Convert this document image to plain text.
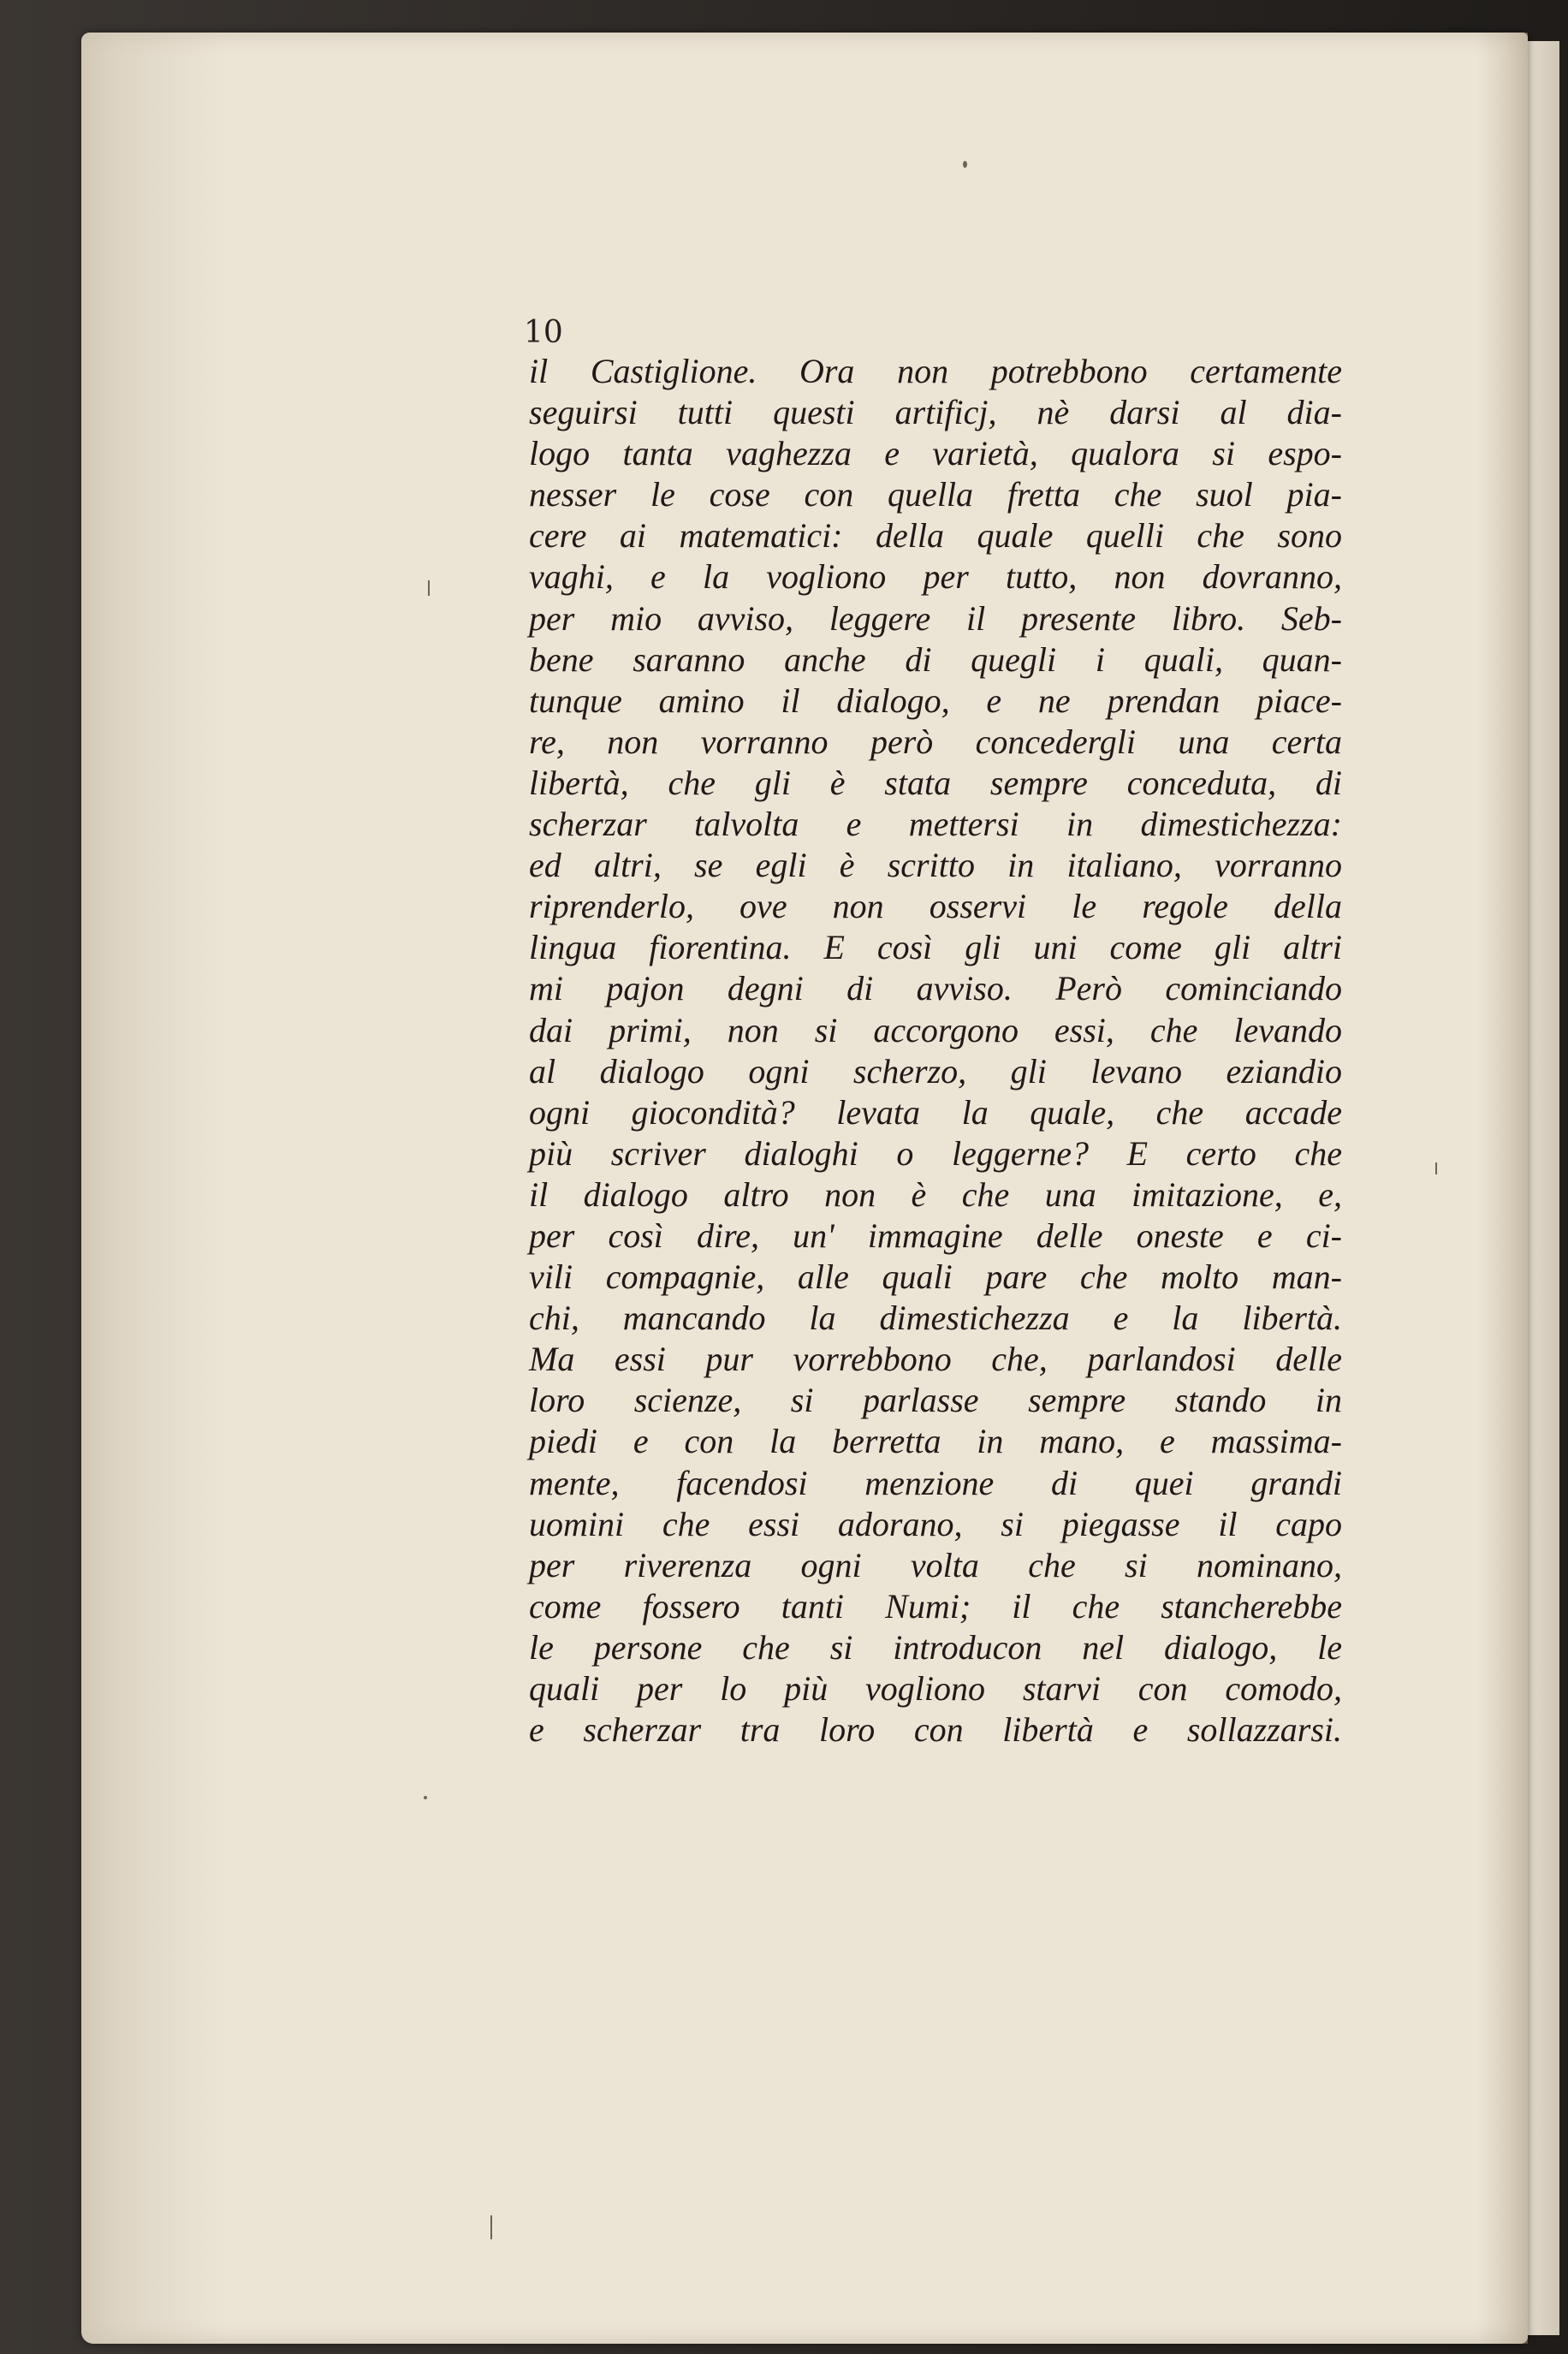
10
il Castiglione. Ora non potrebbono certamente
seguirsi tutti questi artificj, nè darsi al dia-
logo tanta vaghezza e varietà, qualora si espo-
nesser le cose con quella fretta che suol pia-
cere ai matematici: della quale quelli che sono
vaghi, e la vogliono per tutto, non dovranno,
per mio avviso, leggere il presente libro. Seb-
bene saranno anche di quegli i quali, quan-
tunque amino il dialogo, e ne prendan piace-
re, non vorranno però concedergli una certa
libertà, che gli è stata sempre conceduta, di
scherzar talvolta e mettersi in dimestichezza:
ed altri, se egli è scritto in italiano, vorranno
riprenderlo, ove non osservi le regole della
lingua fiorentina. E così gli uni come gli altri
mi pajon degni di avviso. Però cominciando
dai primi, non si accorgono essi, che levando
al dialogo ogni scherzo, gli levano eziandio
ogni giocondità? levata la quale, che accade
più scriver dialoghi o leggerne? E certo che
il dialogo altro non è che una imitazione, e,
per così dire, un' immagine delle oneste e ci-
vili compagnie, alle quali pare che molto man-
chi, mancando la dimestichezza e la libertà.
Ma essi pur vorrebbono che, parlandosi delle
loro scienze, si parlasse sempre stando in
piedi e con la berretta in mano, e massima-
mente, facendosi menzione di quei grandi
uomini che essi adorano, si piegasse il capo
per riverenza ogni volta che si nominano,
come fossero tanti Numi; il che stancherebbe
le persone che si introducon nel dialogo, le
quali per lo più vogliono starvi con comodo,
e scherzar tra loro con libertà e sollazzarsi.
